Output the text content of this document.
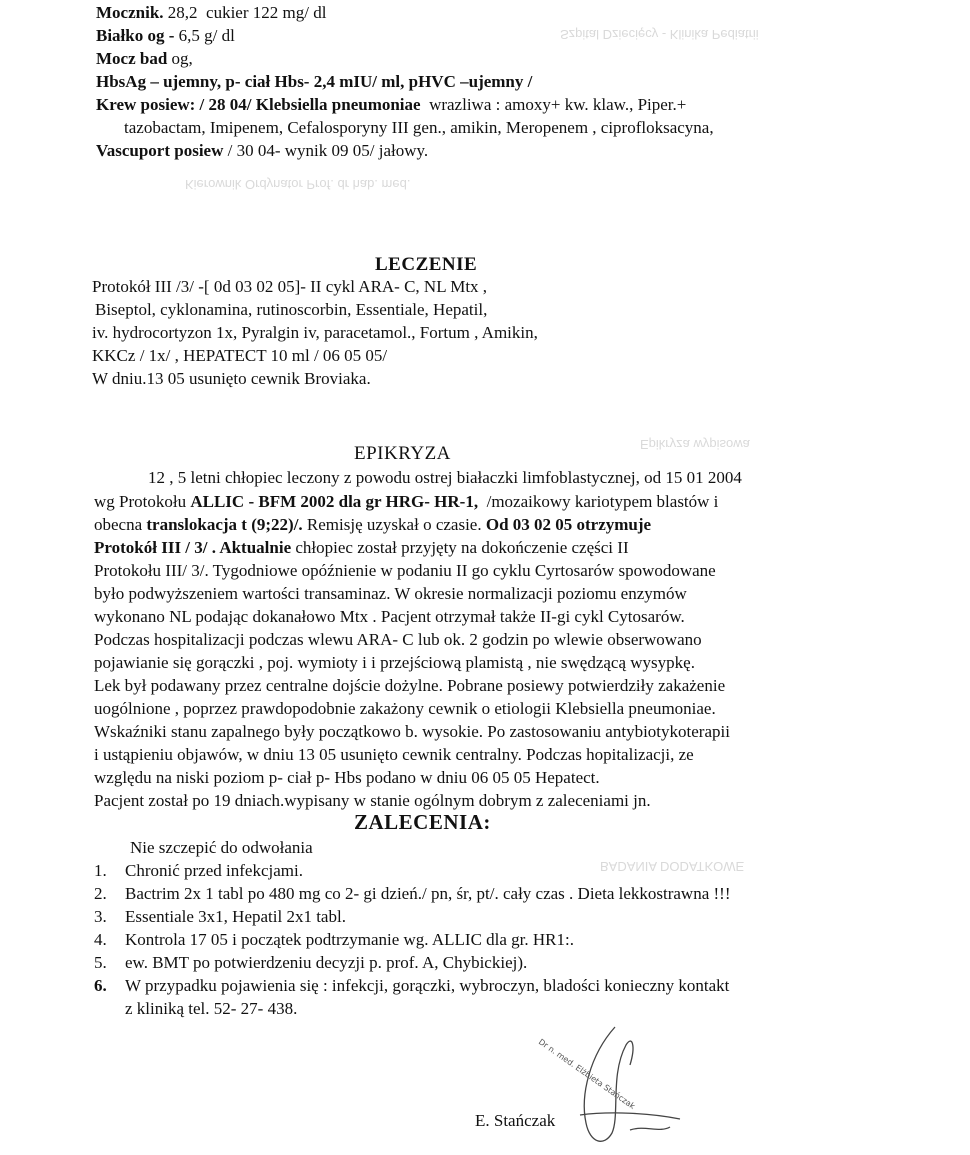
Szpital Dziecięcy - Klinika Pediatrii
Kierownik Ordynator Prof. dr hab. med.
Epikryza wypisowa
BADANIA DODATKOWE
Mocznik. 28,2 cukier 122 mg/ dl
Białko og - 6,5 g/ dl
Mocz bad og,
HbsAg – ujemny, p- ciał Hbs- 2,4 mIU/ ml, pHVC –ujemny /
Krew posiew: / 28 04/ Klebsiella pneumoniae wrazliwa : amoxy+ kw. klaw., Piper.+
tazobactam, Imipenem, Cefalosporyny III gen., amikin, Meropenem , ciprofloksacyna,
Vascuport posiew / 30 04- wynik 09 05/ jałowy.
LECZENIE
Protokół III /3/ -[ 0d 03 02 05]- II cykl ARA- C, NL Mtx ,
Biseptol, cyklonamina, rutinoscorbin, Essentiale, Hepatil,
iv. hydrocortyzon 1x, Pyralgin iv, paracetamol., Fortum , Amikin,
KKCz / 1x/ , HEPATECT 10 ml / 06 05 05/
W dniu.13 05 usunięto cewnik Broviaka.
EPIKRYZA
12 , 5 letni chłopiec leczony z powodu ostrej białaczki limfoblastycznej, od 15 01 2004
wg Protokołu ALLIC - BFM 2002 dla gr HRG- HR-1, /mozaikowy kariotypem blastów i
obecna translokacja t (9;22)/. Remisję uzyskał o czasie. Od 03 02 05 otrzymuje
Protokół III / 3/ . Aktualnie chłopiec został przyjęty na dokończenie części II
Protokołu III/ 3/. Tygodniowe opóźnienie w podaniu II go cyklu Cyrtosarów spowodowane
było podwyższeniem wartości transaminaz. W okresie normalizacji poziomu enzymów
wykonano NL podając dokanałowo Mtx . Pacjent otrzymał także II-gi cykl Cytosarów.
Podczas hospitalizacji podczas wlewu ARA- C lub ok. 2 godzin po wlewie obserwowano
pojawianie się gorączki , poj. wymioty i i przejściową plamistą , nie swędzącą wysypkę.
Lek był podawany przez centralne dojście dożylne. Pobrane posiewy potwierdziły zakażenie
uogólnione , poprzez prawdopodobnie zakażony cewnik o etiologii Klebsiella pneumoniae.
Wskaźniki stanu zapalnego były początkowo b. wysokie. Po zastosowaniu antybiotykoterapii
i ustąpieniu objawów, w dniu 13 05 usunięto cewnik centralny. Podczas hopitalizacji, ze
względu na niski poziom p- ciał p- Hbs podano w dniu 06 05 05 Hepatect.
Pacjent został po 19 dniach.wypisany w stanie ogólnym dobrym z zaleceniami jn.
ZALECENIA:
Nie szczepić do odwołania
1. Chronić przed infekcjami.
2. Bactrim 2x 1 tabl po 480 mg co 2- gi dzień./ pn, śr, pt/. cały czas . Dieta lekkostrawna !!!
3. Essentiale 3x1, Hepatil 2x1 tabl.
4. Kontrola 17 05 i początek podtrzymanie wg. ALLIC dla gr. HR1:.
5. ew. BMT po potwierdzeniu decyzji p. prof. A, Chybickiej).
6. W przypadku pojawienia się : infekcji, gorączki, wybroczyn, bladości konieczny kontakt
z kliniką tel. 52- 27- 438.
E. Stańczak
Dr n. med. Elżbieta Stańczak
